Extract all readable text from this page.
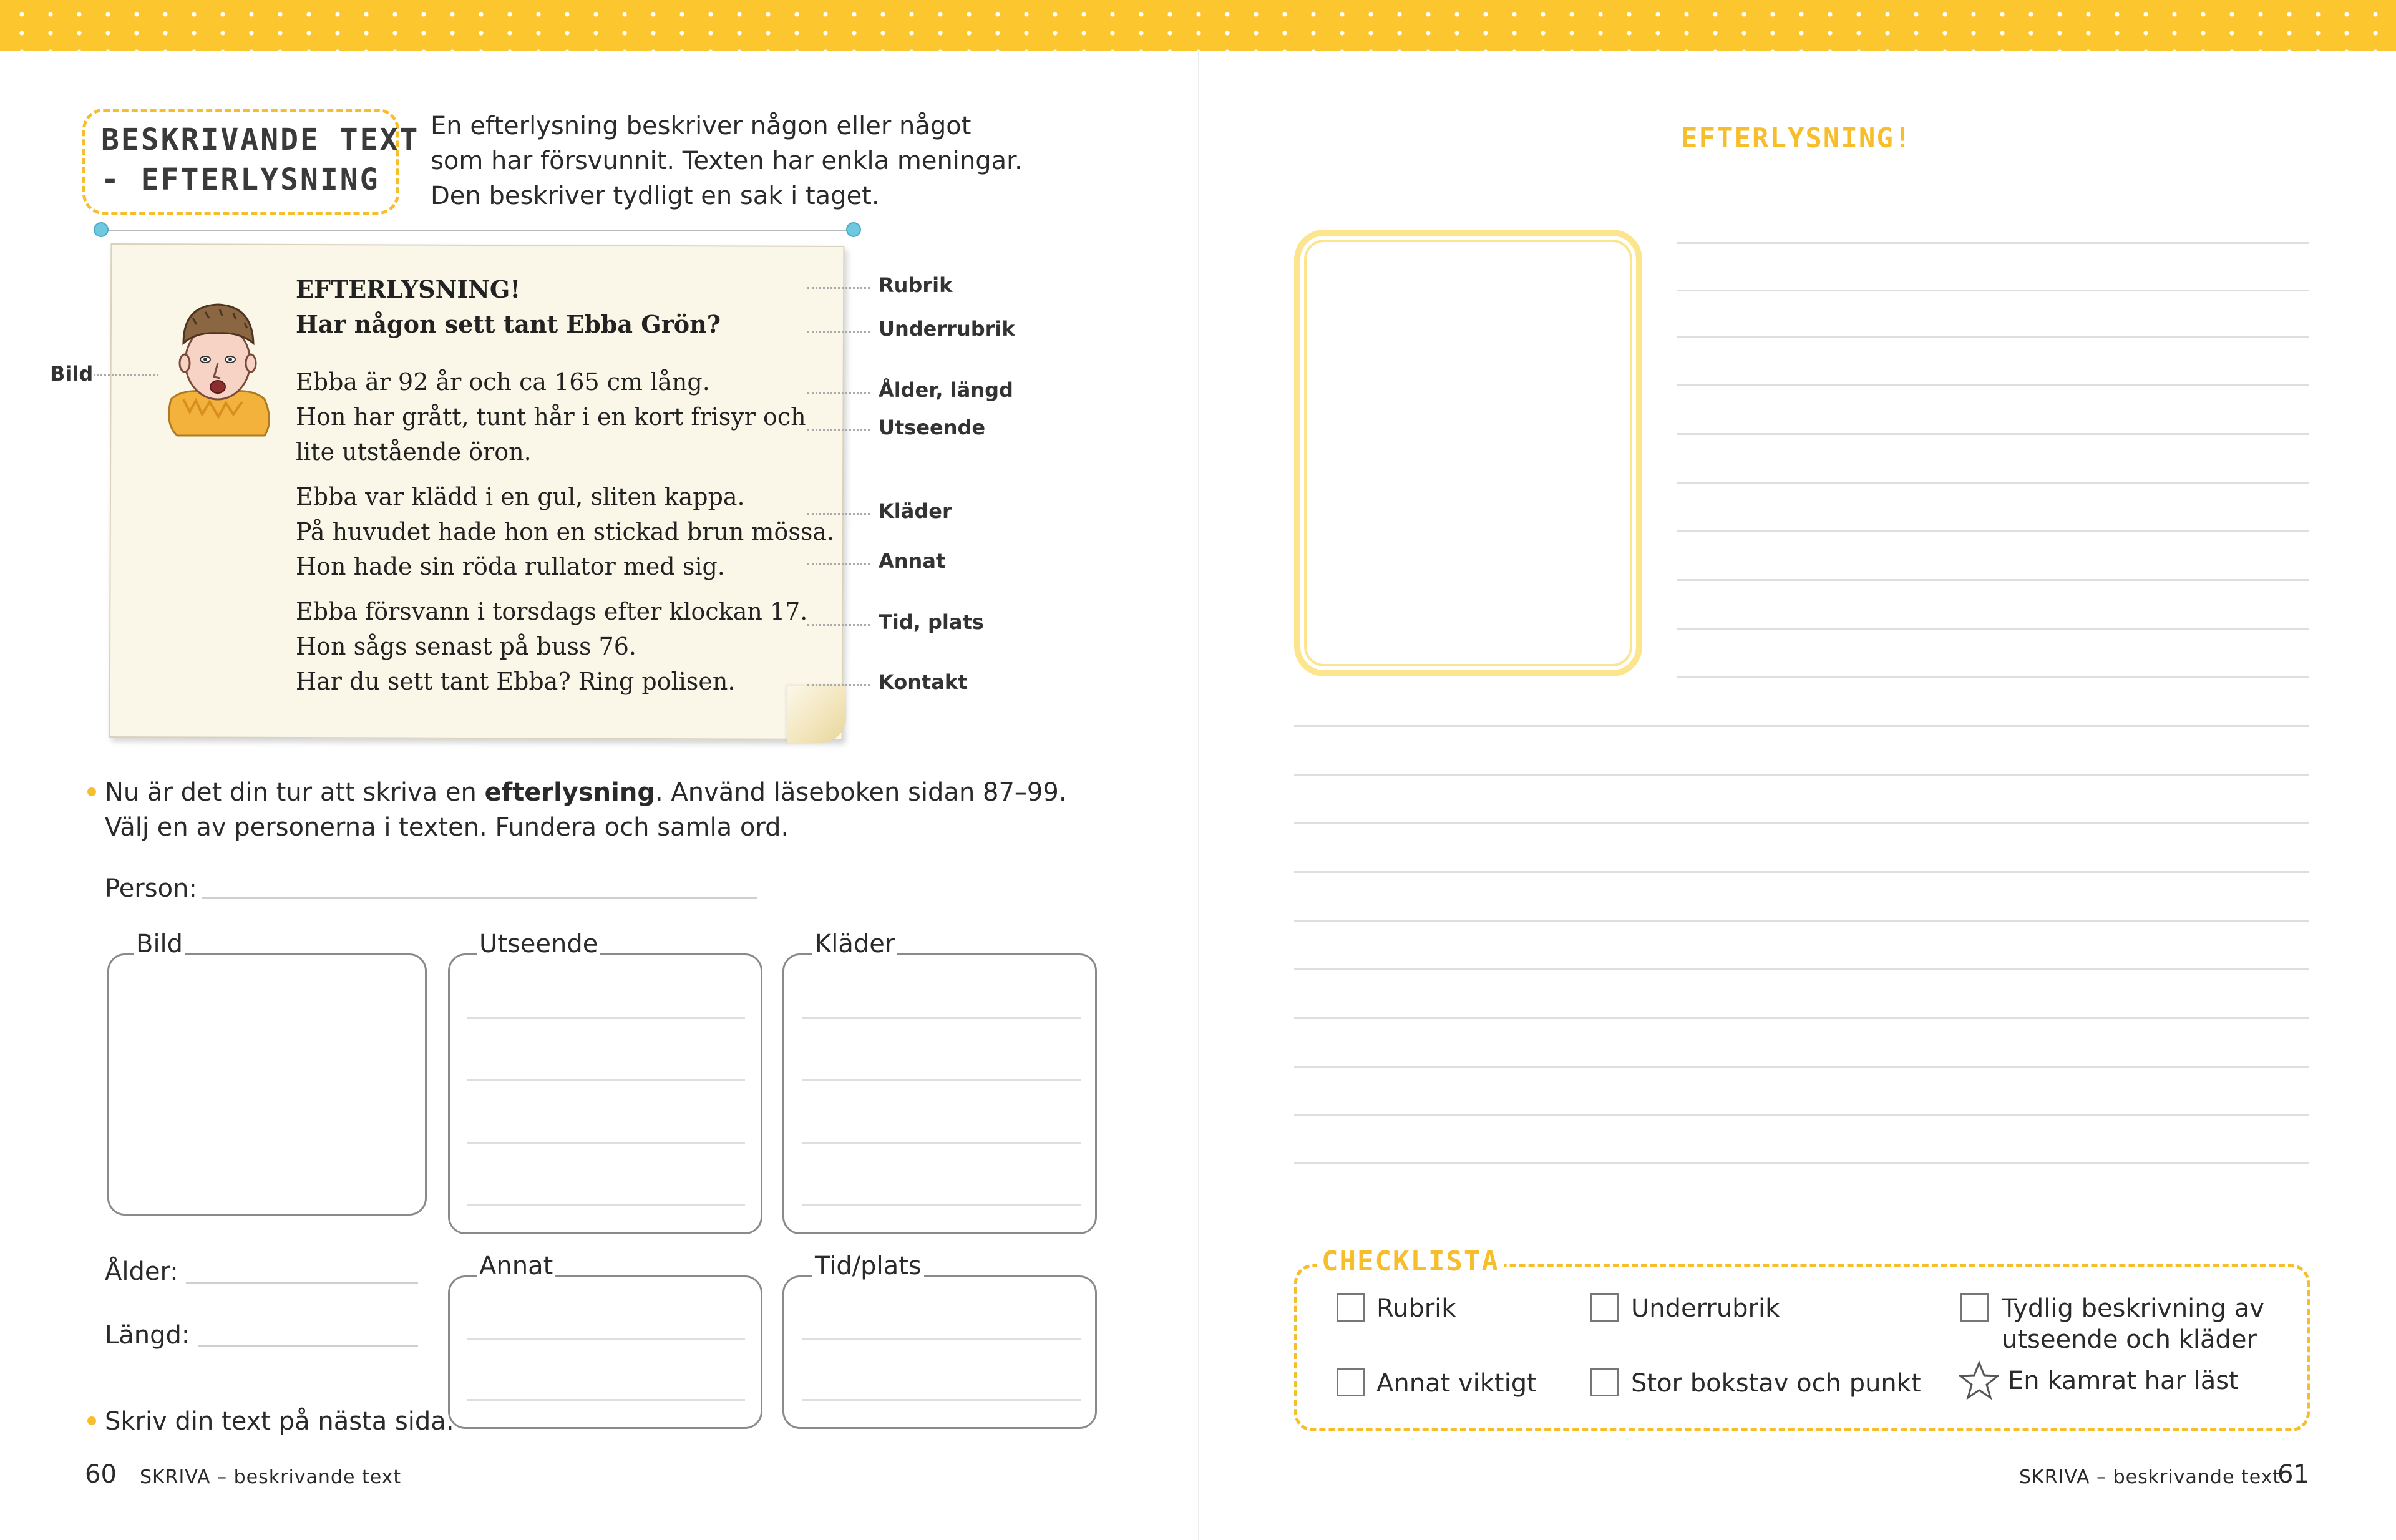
BESKRIVANDE TEXT
- EFTERLYSNING
En efterlysning beskriver någon eller något
som har försvunnit. Texten har enkla meningar.
Den beskriver tydligt en sak i taget.
EFTERLYSNING!
Har någon sett tant Ebba Grön?
Ebba är 92 år och ca 165 cm lång.
Hon har grått, tunt hår i en kort frisyr och
lite utstående öron.
Ebba var klädd i en gul, sliten kappa.
På huvudet hade hon en stickad brun mössa.
Hon hade sin röda rullator med sig.
Ebba försvann i torsdags efter klockan 17.
Hon sågs senast på buss 76.
Har du sett tant Ebba? Ring polisen.
Bild
Rubrik
Underrubrik
Ålder, längd
Utseende
Kläder
Annat
Tid, plats
Kontakt
Nu är det din tur att skriva en efterlysning. Använd läseboken sidan 87–99.
Välj en av personerna i texten. Fundera och samla ord.
Person:
Bild	Utseende	Kläder
Ålder:
Längd:
Annat	Tid/plats
Skriv din text på nästa sida.
60 SKRIVA – beskrivande text
EFTERLYSNING!
CHECKLISTA
Rubrik	Underrubrik	Tydlig beskrivning av
utseende och kläder
Annat viktigt	Stor bokstav och punkt	En kamrat har läst
SKRIVA – beskrivande text
61
